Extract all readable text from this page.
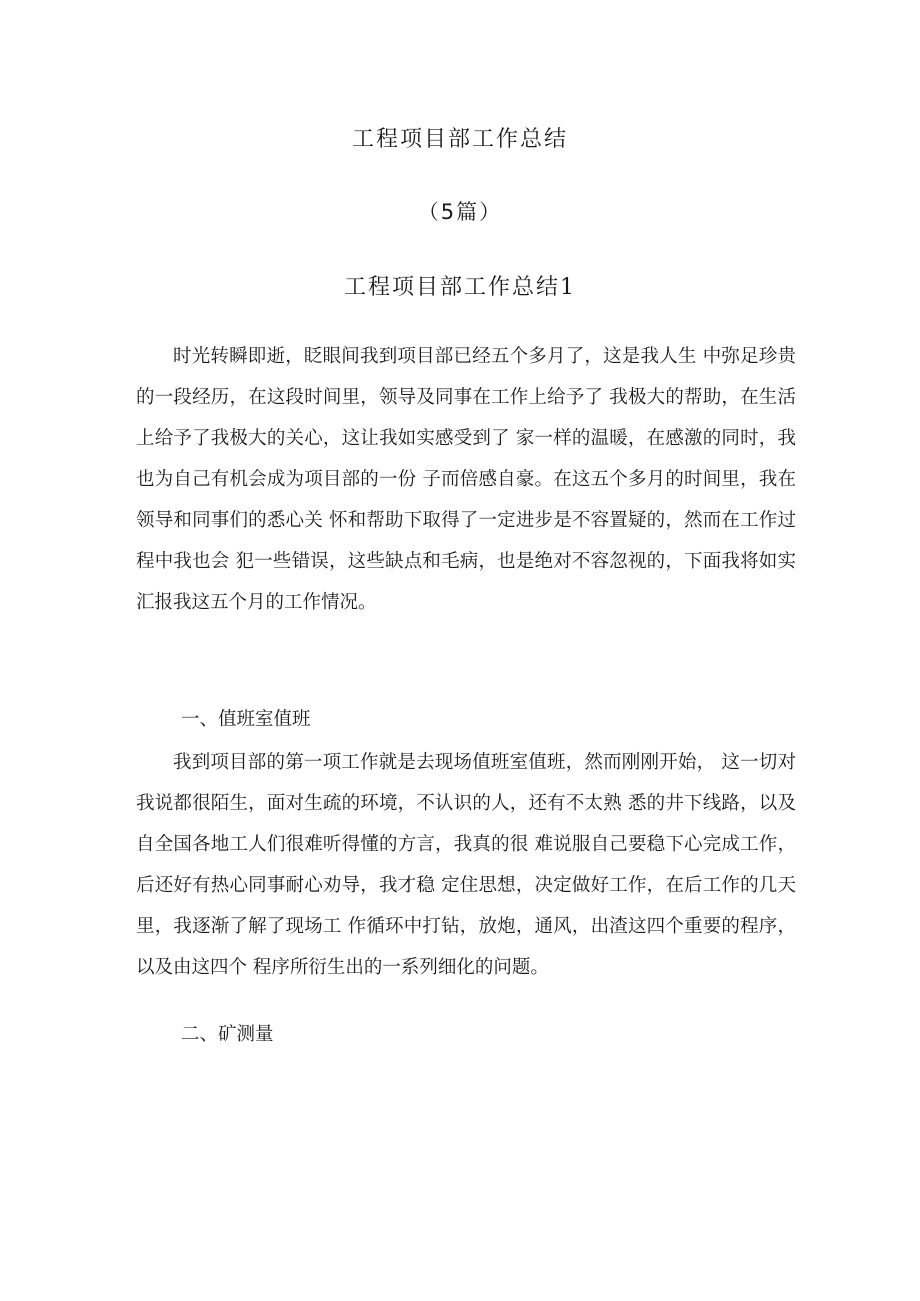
工程项目部工作总结
（5篇）
工程项目部工作总结1

时光转瞬即逝，眨眼间我到项目部已经五个多月了，这是我人生 中弥足珍贵的一段经历，在这段时间里，领导及同事在工作上给予了 我极大的帮助，在生活上给予了我极大的关心，这让我如实感受到了 家一样的温暖，在感激的同时，我也为自己有机会成为项目部的一份 子而倍感自豪。在这五个多月的时间里，我在领导和同事们的悉心关 怀和帮助下取得了一定进步是不容置疑的，然而在工作过程中我也会 犯一些错误，这些缺点和毛病，也是绝对不容忽视的，下面我将如实 汇报我这五个月的工作情况。

一、值班室值班

我到项目部的第一项工作就是去现场值班室值班，然而刚刚开始， 这一切对我说都很陌生，面对生疏的环境，不认识的人，还有不太熟 悉的井下线路，以及自全国各地工人们很难听得懂的方言，我真的很 难说服自己要稳下心完成工作，后还好有热心同事耐心劝导，我才稳 定住思想，决定做好工作，在后工作的几天里，我逐渐了解了现场工 作循环中打钻，放炮，通风，出渣这四个重要的程序，以及由这四个 程序所衍生出的一系列细化的问题。

二、矿测量
